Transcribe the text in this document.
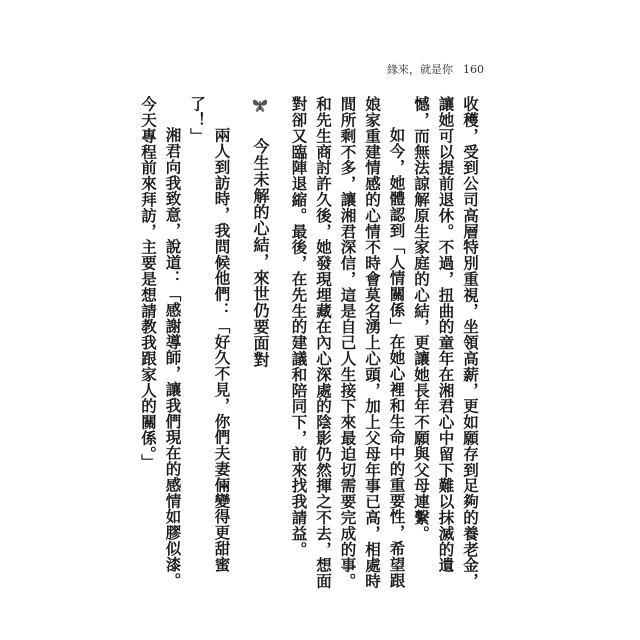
緣來，就是你 160

收穫，受到公司高層特別重視，坐領高薪，更如願存到足夠的養老金，讓她可以提前退休。不過，扭曲的童年在湘君心中留下難以抹滅的遺憾，而無法諒解原生家庭的心結，更讓她長年不願與父母連繫。

如今，她體認到「人情關係」在她心裡和生命中的重要性，希望跟娘家重建情感的心情不時會莫名湧上心頭，加上父母年事已高，相處時間所剩不多，讓湘君深信，這是自己人生接下來最迫切需要完成的事。和先生商討許久後，她發現埋藏在內心深處的陰影仍然揮之不去，想面對卻又臨陣退縮。最後，在先生的建議和陪同下，前來找我請益。

今生未解的心結，來世仍要面對

兩人到訪時，我問候他們：「好久不見，你們夫妻倆變得更甜蜜了！」

湘君向我致意，說道：「感謝導師，讓我們現在的感情如膠似漆。今天專程前來拜訪，主要是想請教我跟家人的關係。」
